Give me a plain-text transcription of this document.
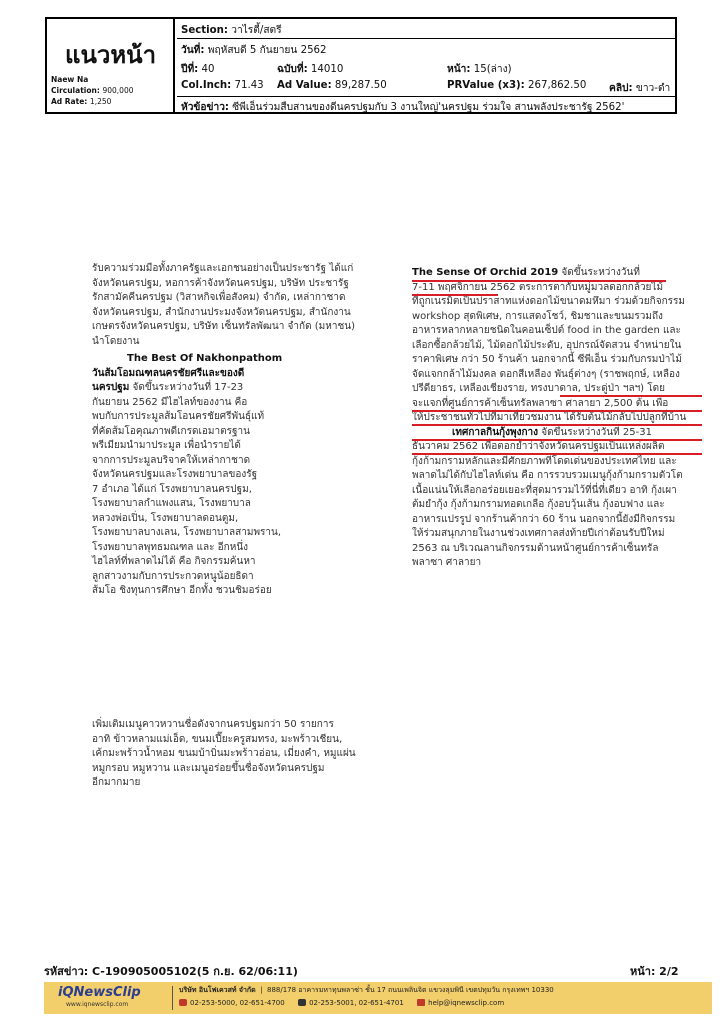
แนวหน้า
Naew Na
Circulation: 900,000
Ad Rate: 1,250
Section: วาไรตี้/สตรี
วันที่: พฤหัสบดี 5 กันยายน 2562
ปีที่: 40	ฉบับที่: 14010	หน้า: 15(ล่าง)
Col.Inch: 71.43 Ad Value: 89,287.50	PRValue (x3): 267,862.50 คลิป: ขาว-ดำ
หัวข้อข่าว: ซีพีเอ็นร่วมสืบสานของดีนครปฐมกับ 3 งานใหญ่'นครปฐม ร่วมใจ สานพลังประชารัฐ 2562'
รับความร่วมมือทั้งภาครัฐและเอกชนอย่างเป็นประชารัฐ ได้แก่
จังหวัดนครปฐม, หอการค้าจังหวัดนครปฐม, บริษัท ประชารัฐ
รักสามัคคีนครปฐม (วิสาหกิจเพื่อสังคม) จำกัด, เหล่ากาชาด
จังหวัดนครปฐม, สำนักงานประมงจังหวัดนครปฐม, สำนักงาน
เกษตรจังหวัดนครปฐม, บริษัท เซ็นทรัลพัฒนา จำกัด (มหาชน)
นำโดยงาน
The Best Of Nakhonpathom
วันส้มโอมณฑลนครชัยศรีและของดี
นครปฐม จัดขึ้นระหว่างวันที่ 17-23
กันยายน 2562 มีไฮไลท์ของงาน คือ
พบกับการประมูลส้มโอนครชัยศรีพันธุ์แท้
ที่คัดส้มโอคุณภาพดีเกรดเอมาตรฐาน
พรีเมียมนำมาประมูล เพื่อนำรายได้
จากการประมูลบริจาคให้เหล่ากาชาด
จังหวัดนครปฐมและโรงพยาบาลของรัฐ
7 อำเภอ ได้แก่ โรงพยาบาลนครปฐม,
โรงพยาบาลกำแพงแสน, โรงพยาบาล
หลวงพ่อเปิ่น, โรงพยาบาลดอนตูม,
โรงพยาบาลบางเลน, โรงพยาบาลสามพราน,
โรงพยาบาลพุทธมณฑล และ อีกหนึ่ง
ไฮไลท์ที่พลาดไม่ได้ คือ กิจกรรมค้นหา
ลูกสาวงามกับการประกวดหนูน้อยธิดา
ส้มโอ ชิงทุนการศึกษา อีกทั้ง ชวนชิมอร่อย
เพิ่มเติมเมนูคาวหวานชื่อดังจากนครปฐมกว่า 50 รายการ
อาทิ ข้าวหลามแม่เอ็ด, ขนมเปี๊ยะครูสมทรง, มะพร้าวเชียน,
เค้กมะพร้าวน้ำหอม ขนมบ้าบิ่นมะพร้าวอ่อน, เมี่ยงคำ, หมูแผ่น
หมูกรอบ หมูหวาน และเมนูอร่อยขึ้นชื่อจังหวัดนครปฐม
อีกมากมาย
The Sense Of Orchid 2019 จัดขึ้นระหว่างวันที่
7-11 พฤศจิกายน 2562 ตระการตากับหมู่มวลดอกกล้วยไม้
ที่ถูกเนรมิตเป็นปราสาทแห่งดอกไม้ขนาดมหึมา ร่วมด้วยกิจกรรม
workshop สุดพิเศษ, การแสดงโชว์, ชิมชาและขนมรวมถึง
อาหารหลากหลายชนิดในคอนเซ็ปต์ food in the garden และ
เลือกซื้อกล้วยไม้, ไม้ดอกไม้ประดับ, อุปกรณ์จัดสวน จำหน่ายใน
ราคาพิเศษ กว่า 50 ร้านค้า นอกจากนี้ ซีพีเอ็น ร่วมกับกรมป่าไม้
จัดแจกกล้าไม้มงคล ดอกสีเหลือง พันธุ์ต่างๆ (ราชพฤกษ์, เหลือง
ปรีดียาธร, เหลืองเชียงราย, ทรงบาดาล, ประดู่ป่า ฯลฯ) โดย
จะแจกที่ศูนย์การค้าเซ็นทรัลพลาซา ศาลายา 2,500 ต้น เพื่อ
ให้ประชาชนทั่วไปที่มาเที่ยวชมงาน ได้รับต้นไม้กลับไปปลูกที่บ้าน
เทศกาลกินกุ้งพุงกาง จัดขึ้นระหว่างวันที่ 25-31
ธันวาคม 2562 เพื่อตอกย้ำว่าจังหวัดนครปฐมเป็นแหล่งผลิต
กุ้งก้ามกรามหลักและมีศักยภาพที่โดดเด่นของประเทศไทย และ
พลาดไม่ได้กับไฮไลท์เด่น คือ การรวบรวมเมนูกุ้งก้ามกรามตัวโต
เนื้อแน่นให้เลือกอร่อยเยอะที่สุดมารวมไว้ที่นี่ที่เดียว อาทิ กุ้งเผา
ต้มยำกุ้ง กุ้งก้ามกรามทอดเกลือ กุ้งอบวุ้นเส้น กุ้งอบฟาง และ
อาหารแปรรูป จากร้านค้ากว่า 60 ร้าน นอกจากนี้ยังมีกิจกรรม
ให้ร่วมสนุกภายในงานช่วงเทศกาลส่งท้ายปีเก่าต้อนรับปีใหม่
2563 ณ บริเวณลานกิจกรรมด้านหน้าศูนย์การค้าเซ็นทรัล
พลาซา ศาลายา
รหัสข่าว: C-190905005102(5 ก.ย. 62/06:11)	หน้า: 2/2
iQNewsClip
www.iqnewsclip.com
บริษัท อินโฟเควสท์ จำกัด  |  888/178 อาคารมหาทุนพลาซ่า ชั้น 17 ถนนเพลินจิต แขวงลุมพินี เขตปทุมวัน กรุงเทพฯ 10330
02-253-5000, 02-651-4700	02-253-5001, 02-651-4701	help@iqnewsclip.com
